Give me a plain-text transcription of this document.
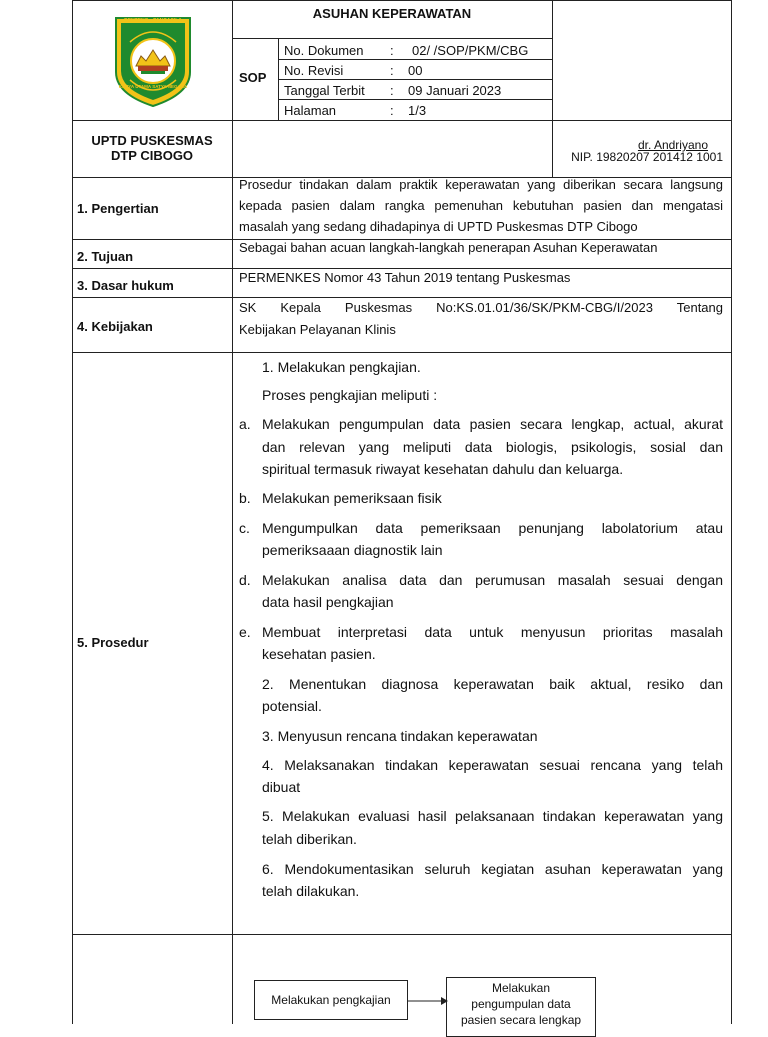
BENTENG • PANCASILA
KARYA UTAMA SATYA NEGARA
ASUHAN KEPERAWATAN
SOP
No. Dokumen : 02/ /SOP/PKM/CBG
No. Revisi	: 00
Tanggal Terbit : 09 Januari 2023
Halaman	: 1/3
UPTD PUSKESMAS
DTP CIBOGO
dr. Andriyano
NIP. 19820207 201412 1001
1. Pengertian
Prosedur tindakan dalam praktik keperawatan yang diberikan secara langsung
kepada pasien dalam rangka pemenuhan kebutuhan pasien dan mengatasi
masalah yang sedang dihadapinya di UPTD Puskesmas DTP Cibogo
2. Tujuan
Sebagai bahan acuan langkah-langkah penerapan Asuhan Keperawatan
3. Dasar hukum
PERMENKES Nomor 43 Tahun 2019 tentang Puskesmas
4. Kebijakan
SK Kepala Puskesmas No:KS.01.01/36/SK/PKM-CBG/I/2023 Tentang
Kebijakan Pelayanan Klinis
5. Prosedur
1. Melakukan pengkajian.
Proses pengkajian meliputi :
a. Melakukan pengumpulan data pasien secara lengkap, actual, akurat
dan relevan yang meliputi data biologis, psikologis, sosial dan
spiritual termasuk riwayat kesehatan dahulu dan keluarga.
b. Melakukan pemeriksaan fisik
c. Mengumpulkan data pemeriksaan penunjang labolatorium atau
pemeriksaaan diagnostik lain
d. Melakukan analisa data dan perumusan masalah sesuai dengan
data hasil pengkajian
e. Membuat interpretasi data untuk menyusun prioritas masalah
kesehatan pasien.
2. Menentukan diagnosa keperawatan baik aktual, resiko dan
potensial.
3. Menyusun rencana tindakan keperawatan
4. Melaksanakan tindakan keperawatan sesuai rencana yang telah
dibuat
5. Melakukan evaluasi hasil pelaksanaan tindakan keperawatan yang
telah diberikan.
6. Mendokumentasikan seluruh kegiatan asuhan keperawatan yang
telah dilakukan.
Melakukan pengkajian
Melakukan
pengumpulan data
pasien secara lengkap
